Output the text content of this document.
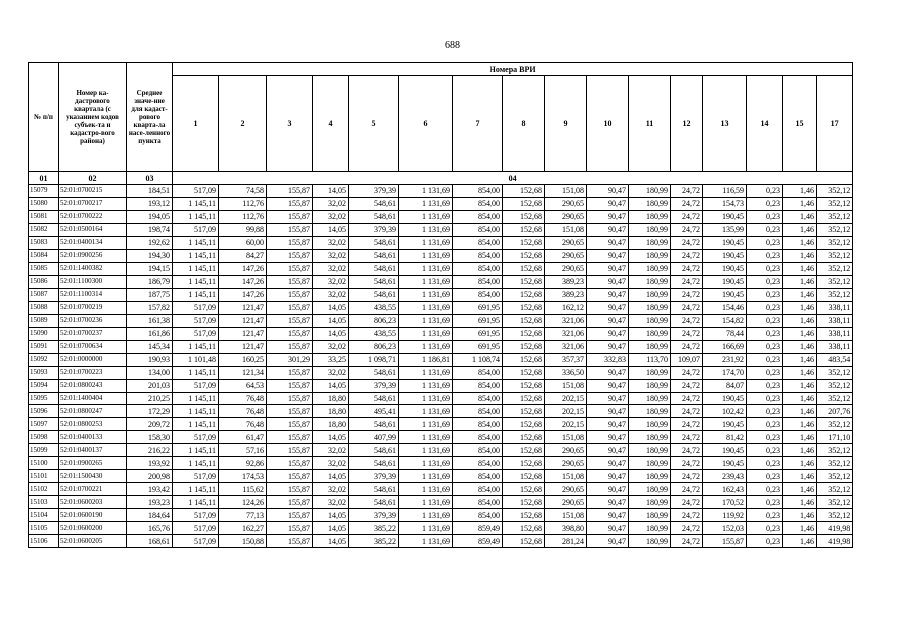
688
№ п/п	Номер ка-дастрового квартала (с указанием кодов субъек-та и кадастро-вого района)	Среднее значе-ние для кадаст-рового кварта-ла насе-ленного пункта	Номера ВРИ															
			1	2	3	4	5	6	7	8	9	10	11	12	13	14	15	17
01	02	03	04															
15079	52:01:0700215	184,51	517,09	74,58	155,87	14,05	379,39	1 131,69	854,00	152,68	151,08	90,47	180,99	24,72	116,59	0,23	1,46	352,12
15080	52:01:0700217	193,12	1 145,11	112,76	155,87	32,02	548,61	1 131,69	854,00	152,68	290,65	90,47	180,99	24,72	154,73	0,23	1,46	352,12
15081	52:01:0700222	194,05	1 145,11	112,76	155,87	32,02	548,61	1 131,69	854,00	152,68	290,65	90,47	180,99	24,72	190,45	0,23	1,46	352,12
15082	52:01:0500164	198,74	517,09	99,88	155,87	14,05	379,39	1 131,69	854,00	152,68	151,08	90,47	180,99	24,72	135,99	0,23	1,46	352,12
15083	52:01:0400134	192,62	1 145,11	60,00	155,87	32,02	548,61	1 131,69	854,00	152,68	290,65	90,47	180,99	24,72	190,45	0,23	1,46	352,12
15084	52:01:0900256	194,30	1 145,11	84,27	155,87	32,02	548,61	1 131,69	854,00	152,68	290,65	90,47	180,99	24,72	190,45	0,23	1,46	352,12
15085	52:01:1400382	194,15	1 145,11	147,26	155,87	32,02	548,61	1 131,69	854,00	152,68	290,65	90,47	180,99	24,72	190,45	0,23	1,46	352,12
15086	52:01:1100300	186,79	1 145,11	147,26	155,87	32,02	548,61	1 131,69	854,00	152,68	389,23	90,47	180,99	24,72	190,45	0,23	1,46	352,12
15087	52:01:1100314	187,75	1 145,11	147,26	155,87	32,02	548,61	1 131,69	854,00	152,68	389,23	90,47	180,99	24,72	190,45	0,23	1,46	352,12
15088	52:01:0700219	157,82	517,09	121,47	155,87	14,05	438,55	1 131,69	691,95	152,68	162,12	90,47	180,99	24,72	154,46	0,23	1,46	338,11
15089	52:01:0700236	161,38	517,09	121,47	155,87	14,05	806,23	1 131,69	691,95	152,68	321,06	90,47	180,99	24,72	154,82	0,23	1,46	338,11
15090	52:01:0700237	161,86	517,09	121,47	155,87	14,05	438,55	1 131,69	691,95	152,68	321,06	90,47	180,99	24,72	78,44	0,23	1,46	338,11
15091	52:01:0700634	145,34	1 145,11	121,47	155,87	32,02	806,23	1 131,69	691,95	152,68	321,06	90,47	180,99	24,72	166,69	0,23	1,46	338,11
15092	52:01:0000000	190,93	1 101,48	160,25	301,29	33,25	1 098,71	1 186,81	1 108,74	152,68	357,37	332,83	113,70	109,07	231,92	0,23	1,46	483,54
15093	52:01:0700223	134,00	1 145,11	121,34	155,87	32,02	548,61	1 131,69	854,00	152,68	336,50	90,47	180,99	24,72	174,70	0,23	1,46	352,12
15094	52:01:0800243	201,03	517,09	64,53	155,87	14,05	379,39	1 131,69	854,00	152,68	151,08	90,47	180,99	24,72	84,07	0,23	1,46	352,12
15095	52:01:1400404	210,25	1 145,11	76,48	155,87	18,80	548,61	1 131,69	854,00	152,68	202,15	90,47	180,99	24,72	190,45	0,23	1,46	352,12
15096	52:01:0800247	172,29	1 145,11	76,48	155,87	18,80	495,41	1 131,69	854,00	152,68	202,15	90,47	180,99	24,72	102,42	0,23	1,46	207,76
15097	52:01:0800253	209,72	1 145,11	76,48	155,87	18,80	548,61	1 131,69	854,00	152,68	202,15	90,47	180,99	24,72	190,45	0,23	1,46	352,12
15098	52:01:0400133	158,30	517,09	61,47	155,87	14,05	407,99	1 131,69	854,00	152,68	151,08	90,47	180,99	24,72	81,42	0,23	1,46	171,10
15099	52:01:0400137	216,22	1 145,11	57,16	155,87	32,02	548,61	1 131,69	854,00	152,68	290,65	90,47	180,99	24,72	190,45	0,23	1,46	352,12
15100	52:01:0900265	193,92	1 145,11	92,86	155,87	32,02	548,61	1 131,69	854,00	152,68	290,65	90,47	180,99	24,72	190,45	0,23	1,46	352,12
15101	52:01:1500430	200,98	517,09	174,53	155,87	14,05	379,39	1 131,69	854,00	152,68	151,08	90,47	180,99	24,72	239,43	0,23	1,46	352,12
15102	52:01:0700221	193,42	1 145,11	115,62	155,87	32,02	548,61	1 131,69	854,00	152,68	290,65	90,47	180,99	24,72	162,43	0,23	1,46	352,12
15103	52:01:0600203	193,23	1 145,11	124,26	155,87	32,02	548,61	1 131,69	854,00	152,68	290,65	90,47	180,99	24,72	170,52	0,23	1,46	352,12
15104	52:01:0600190	184,64	517,09	77,13	155,87	14,05	379,39	1 131,69	854,00	152,68	151,08	90,47	180,99	24,72	119,92	0,23	1,46	352,12
15105	52:01:0600200	165,76	517,09	162,27	155,87	14,05	385,22	1 131,69	859,49	152,68	398,80	90,47	180,99	24,72	152,03	0,23	1,46	419,98
15106	52:01:0600205	168,61	517,09	150,88	155,87	14,05	385,22	1 131,69	859,49	152,68	281,24	90,47	180,99	24,72	155,87	0,23	1,46	419,98
